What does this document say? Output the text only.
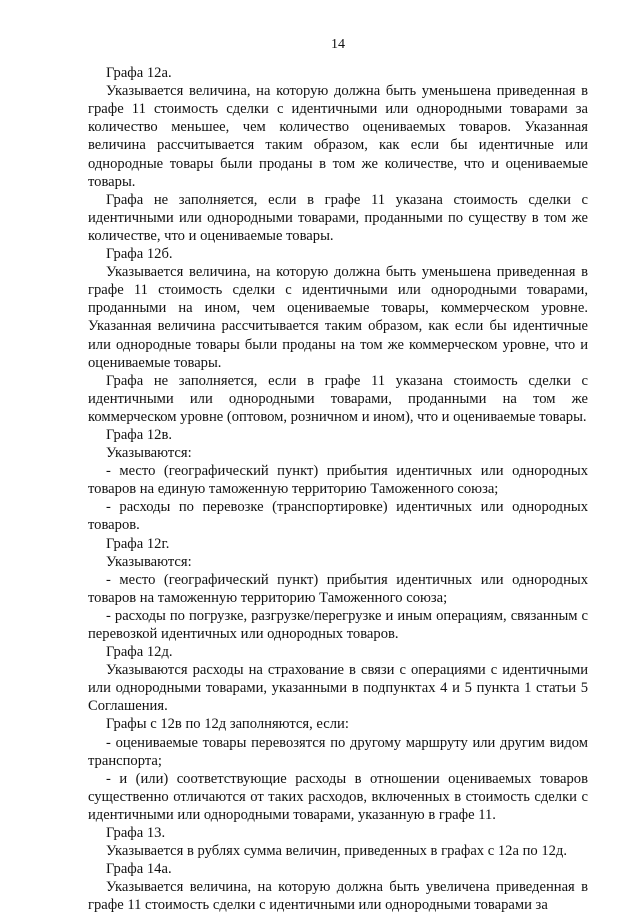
14

Графа 12а.

Указывается величина, на которую должна быть уменьшена приведенная в графе 11 стоимость сделки с идентичными или однородными товарами за количество меньшее, чем количество оцениваемых товаров. Указанная величина рассчитывается таким образом, как если бы идентичные или однородные товары были проданы в том же количестве, что и оцениваемые товары.

Графа не заполняется, если в графе 11 указана стоимость сделки с идентичными или однородными товарами, проданными по существу в том же количестве, что и оцениваемые товары.

Графа 12б.

Указывается величина, на которую должна быть уменьшена приведенная в графе 11 стоимость сделки с идентичными или однородными товарами, проданными на ином, чем оцениваемые товары, коммерческом уровне. Указанная величина рассчитывается таким образом, как если бы идентичные или однородные товары были проданы на том же коммерческом уровне, что и оцениваемые товары.

Графа не заполняется, если в графе 11 указана стоимость сделки с идентичными или однородными товарами, проданными на том же коммерческом уровне (оптовом, розничном и ином), что и оцениваемые товары.

Графа 12в.

Указываются:

- место (географический пункт) прибытия идентичных или однородных товаров на единую таможенную территорию Таможенного союза;

- расходы по перевозке (транспортировке) идентичных или однородных товаров.

Графа 12г.

Указываются:

- место (географический пункт) прибытия идентичных или однородных товаров на таможенную территорию Таможенного союза;

- расходы по погрузке, разгрузке/перегрузке и иным операциям, связанным с перевозкой идентичных или однородных товаров.

Графа 12д.

Указываются расходы на страхование в связи с операциями с идентичными или однородными товарами, указанными в подпунктах 4 и 5 пункта 1 статьи 5 Соглашения.

Графы с 12в по 12д заполняются, если:

- оцениваемые товары перевозятся по другому маршруту или другим видом транспорта;

- и (или) соответствующие расходы в отношении оцениваемых товаров существенно отличаются от таких расходов, включенных в стоимость сделки с идентичными или однородными товарами, указанную в графе 11.

Графа 13.

Указывается в рублях сумма величин, приведенных в графах с 12а по 12д.

Графа 14а.

Указывается величина, на которую должна быть увеличена приведенная в графе 11 стоимость сделки с идентичными или однородными товарами за
